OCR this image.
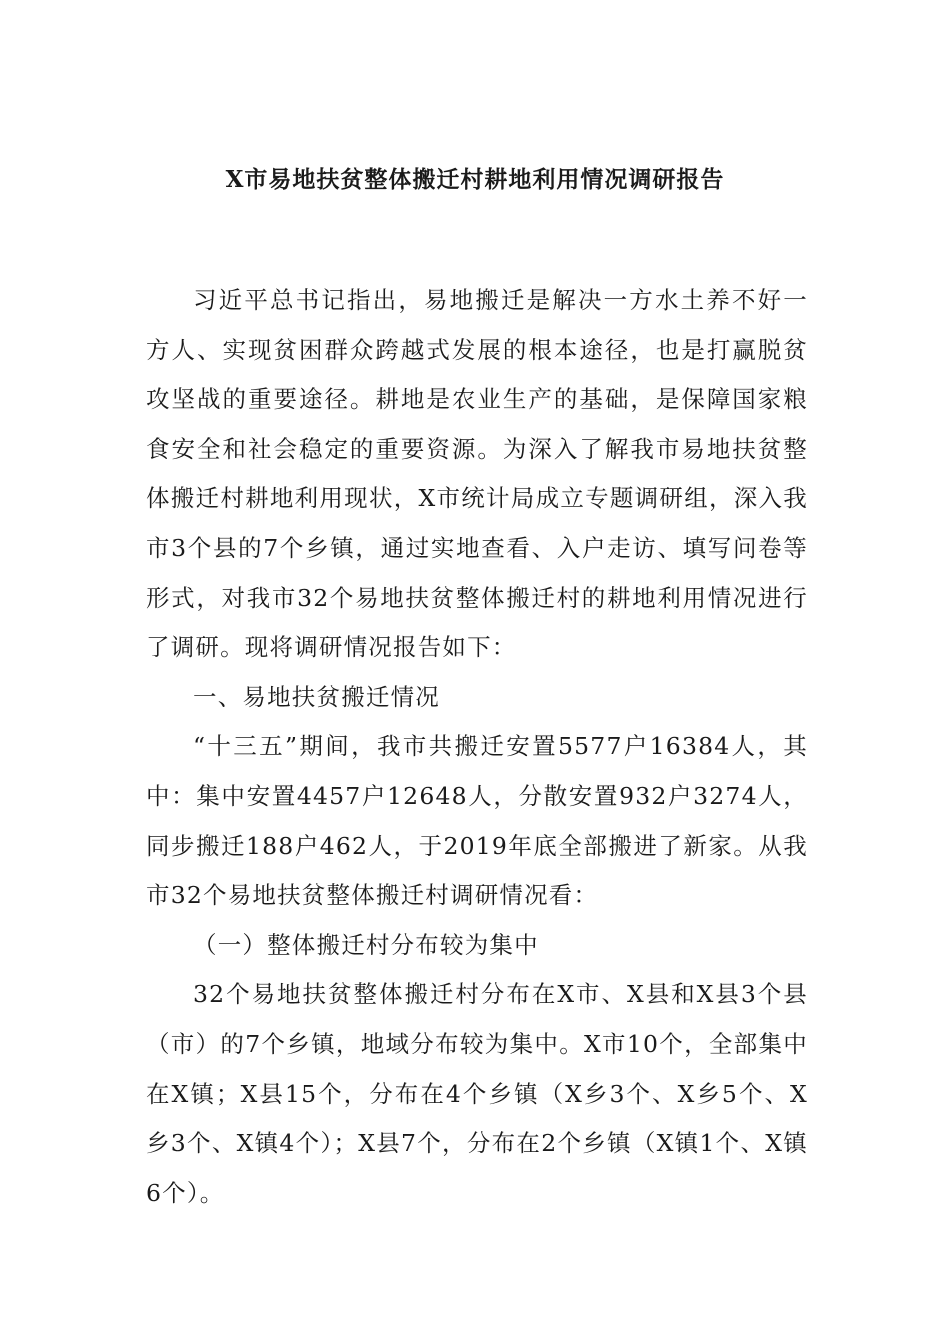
X市易地扶贫整体搬迁村耕地利用情况调研报告

习近平总书记指出，易地搬迁是解决一方水土养不好一方人、实现贫困群众跨越式发展的根本途径，也是打赢脱贫攻坚战的重要途径。耕地是农业生产的基础，是保障国家粮食安全和社会稳定的重要资源。为深入了解我市易地扶贫整体搬迁村耕地利用现状，X市统计局成立专题调研组，深入我市3个县的7个乡镇，通过实地查看、入户走访、填写问卷等形式，对我市32个易地扶贫整体搬迁村的耕地利用情况进行了调研。现将调研情况报告如下：

一、易地扶贫搬迁情况

“十三五”期间，我市共搬迁安置5577户16384人，其中：集中安置4457户12648人，分散安置932户3274人，同步搬迁188户462人，于2019年底全部搬进了新家。从我市32个易地扶贫整体搬迁村调研情况看：

（一）整体搬迁村分布较为集中

32个易地扶贫整体搬迁村分布在X市、X县和X县3个县（市）的7个乡镇，地域分布较为集中。X市10个，全部集中在X镇；X县15个，分布在4个乡镇（X乡3个、X乡5个、X乡3个、X镇4个）；X县7个，分布在2个乡镇（X镇1个、X镇6个）。
